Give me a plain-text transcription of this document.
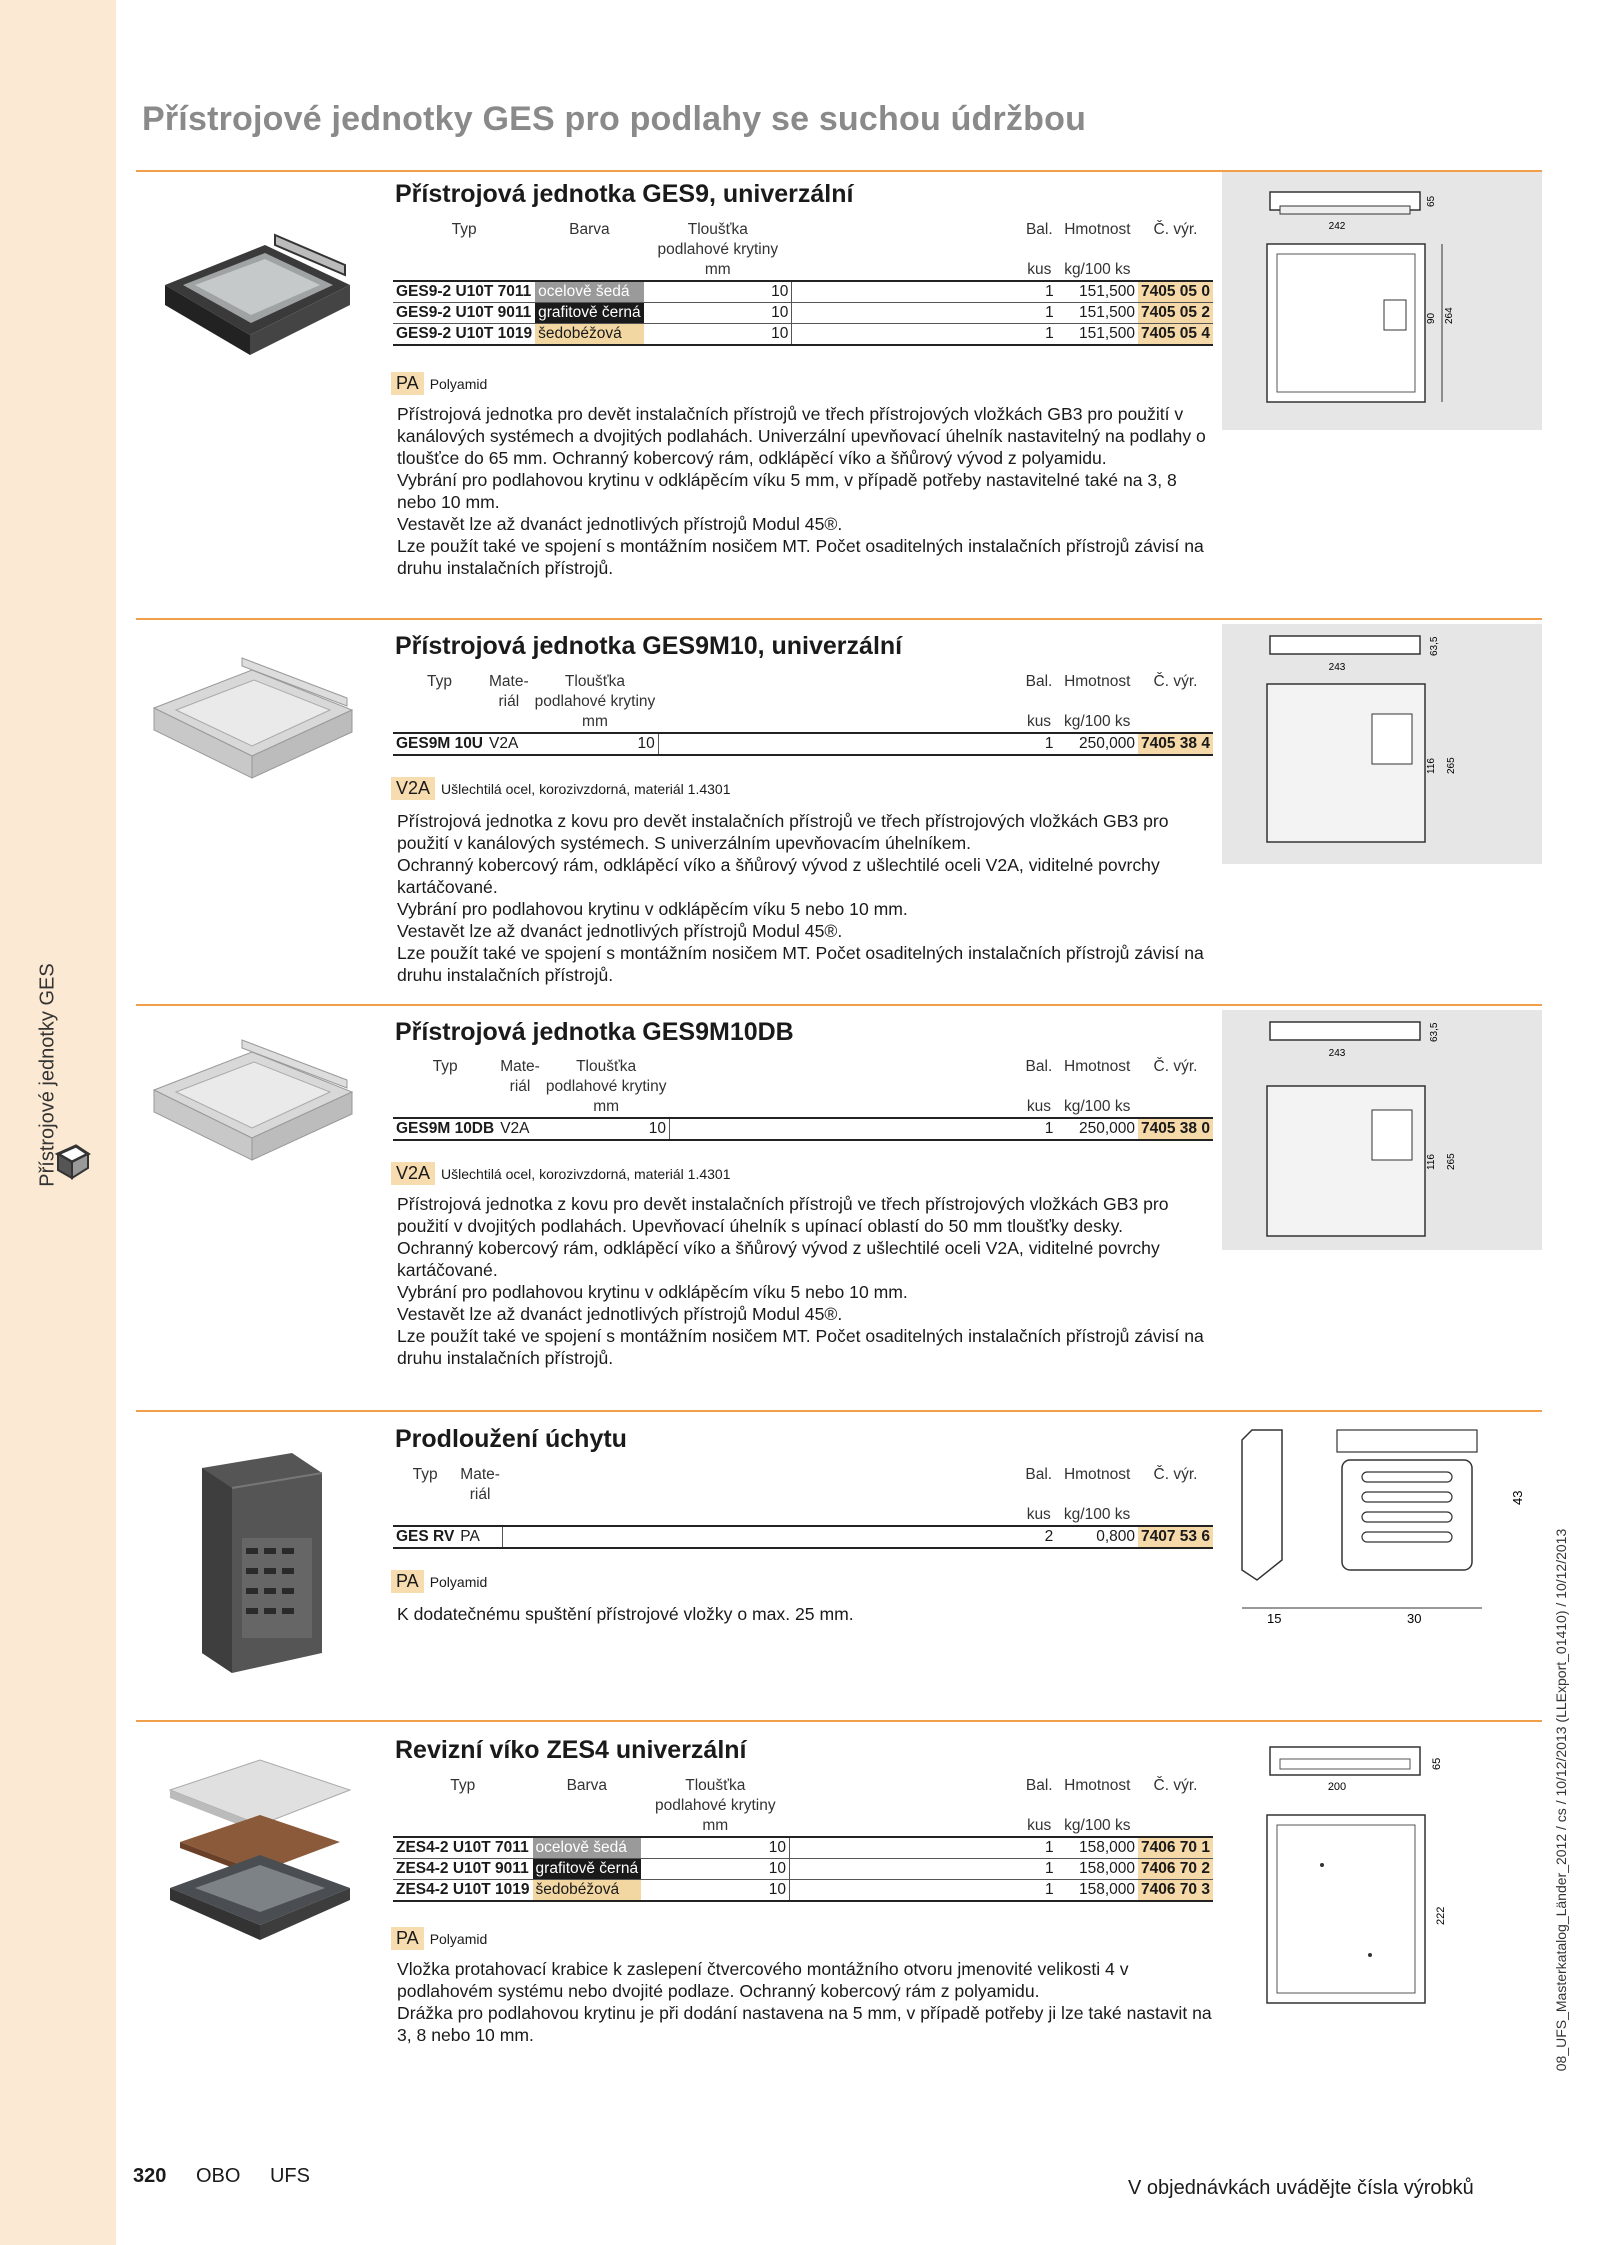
Přístrojové jednotky GES
08_UFS_Masterkatalog_Länder_2012 / cs / 10/12/2013 (LLExport_01410) / 10/12/2013
Přístrojové jednotky GES pro podlahy se suchou údržbou
242
65
90 264
Přístrojová jednotka GES9, univerzální
Typ	Barva	Tloušťka		Bal.	Hmotnost	Č. výr.
		podlahové krytiny				
		mm		kus	kg/100 ks	
GES9-2 U10T 7011	ocelově šedá	10		1	151,500	7405 05 0
GES9-2 U10T 9011	grafitově černá	10		1	151,500	7405 05 2
GES9-2 U10T 1019	šedobéžová	10		1	151,500	7405 05 4
PA Polyamid

Přístrojová jednotka pro devět instalačních přístrojů ve třech přístrojových vložkách GB3 pro použití v kanálových systémech a dvojitých podlahách. Univerzální upevňovací úhelník nastavitelný na podlahy o tloušťce do 65 mm. Ochranný kobercový rám, odklápěcí víko a šňůrový vývod z polyamidu.

Vybrání pro podlahovou krytinu v odklápěcím víku 5 mm, v případě potřeby nastavitelné také na 3, 8 nebo 10 mm.

Vestavět lze až dvanáct jednotlivých přístrojů Modul 45®.

Lze použít také ve spojení s montážním nosičem MT. Počet osaditelných instalačních přístrojů závisí na druhu instalačních přístrojů.

243
63,5
116 265
Přístrojová jednotka GES9M10, univerzální
Typ	Mate-	Tloušťka		Bal.	Hmotnost	Č. výr.
	riál	podlahové krytiny				
		mm		kus	kg/100 ks	
GES9M 10U	V2A	10		1	250,000	7405 38 4
V2A Ušlechtilá ocel, korozivzdorná, materiál 1.4301

Přístrojová jednotka z kovu pro devět instalačních přístrojů ve třech přístrojových vložkách GB3 pro použití v kanálových systémech. S univerzálním upevňovacím úhelníkem.

Ochranný kobercový rám, odklápěcí víko a šňůrový vývod z ušlechtilé oceli V2A, viditelné povrchy kartáčované.

Vybrání pro podlahovou krytinu v odklápěcím víku 5 nebo 10 mm.

Vestavět lze až dvanáct jednotlivých přístrojů Modul 45®.

Lze použít také ve spojení s montážním nosičem MT. Počet osaditelných instalačních přístrojů závisí na druhu instalačních přístrojů.

243
63,5
116 265
Přístrojová jednotka GES9M10DB
Typ	Mate-	Tloušťka		Bal.	Hmotnost	Č. výr.
	riál	podlahové krytiny				
		mm		kus	kg/100 ks	
GES9M 10DB	V2A	10		1	250,000	7405 38 0
V2A Ušlechtilá ocel, korozivzdorná, materiál 1.4301

Přístrojová jednotka z kovu pro devět instalačních přístrojů ve třech přístrojových vložkách GB3 pro použití v dvojitých podlahách. Upevňovací úhelník s upínací oblastí do 50 mm tloušťky desky.

Ochranný kobercový rám, odklápěcí víko a šňůrový vývod z ušlechtilé oceli V2A, viditelné povrchy kartáčované.

Vybrání pro podlahovou krytinu v odklápěcím víku 5 nebo 10 mm.

Vestavět lze až dvanáct jednotlivých přístrojů Modul 45®.

Lze použít také ve spojení s montážním nosičem MT. Počet osaditelných instalačních přístrojů závisí na druhu instalačních přístrojů.

15	30
43
Prodloužení úchytu
Typ	Mate-		Bal.	Hmotnost	Č. výr.
	riál				
			kus	kg/100 ks	
GES RV	PA		2	0,800	7407 53 6
PA Polyamid

K dodatečnému spuštění přístrojové vložky o max. 25 mm.

200
65
222
Revizní víko ZES4 univerzální
Typ	Barva	Tloušťka		Bal.	Hmotnost	Č. výr.
		podlahové krytiny				
		mm		kus	kg/100 ks	
ZES4-2 U10T 7011	ocelově šedá	10		1	158,000	7406 70 1
ZES4-2 U10T 9011	grafitově černá	10		1	158,000	7406 70 2
ZES4-2 U10T 1019	šedobéžová	10		1	158,000	7406 70 3
PA Polyamid

Vložka protahovací krabice k zaslepení čtvercového montážního otvoru jmenovité velikosti 4 v podlahovém systému nebo dvojité podlaze. Ochranný kobercový rám z polyamidu.

Drážka pro podlahovou krytinu je při dodání nastavena na 5 mm, v případě potřeby ji lze také nastavit na 3, 8 nebo 10 mm.

320 OBO UFS
V objednávkách uvádějte čísla výrobků
